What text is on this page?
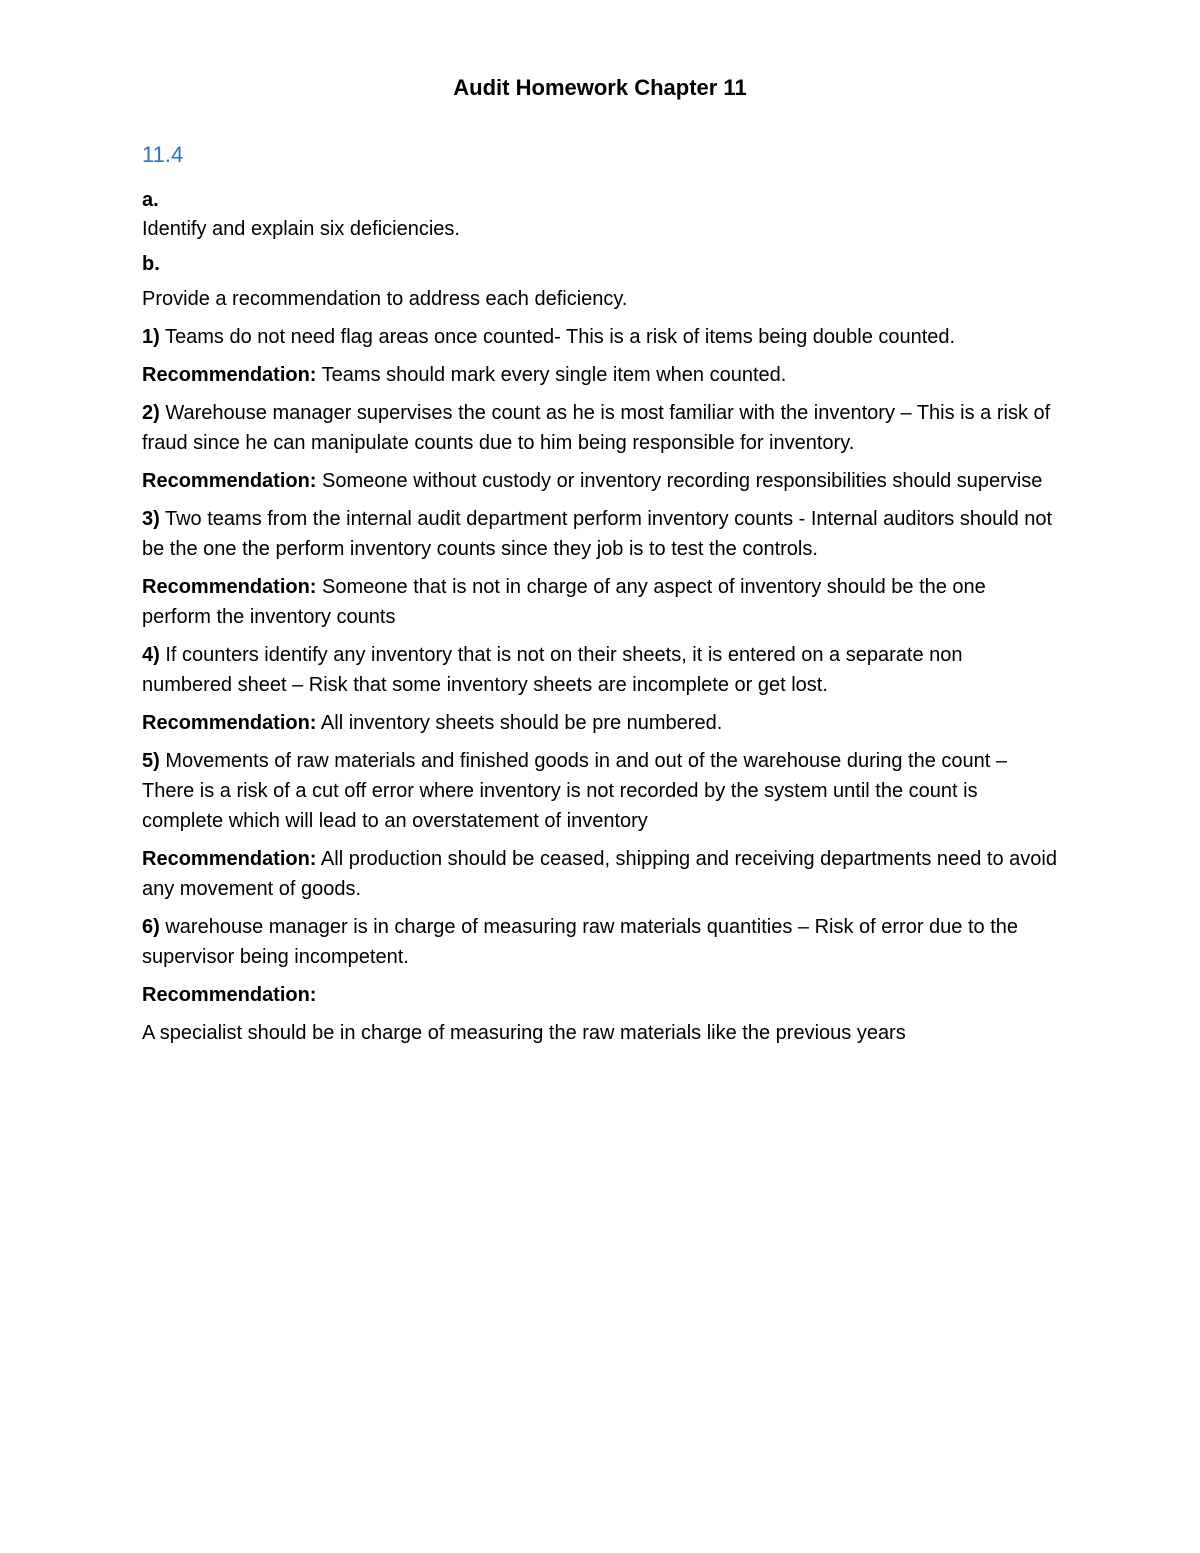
Audit Homework Chapter 11
11.4

a.

Identify and explain six deficiencies.

b.

Provide a recommendation to address each deficiency.

1) Teams do not need flag areas once counted- This is a risk of items being double counted.

Recommendation: Teams should mark every single item when counted.

2) Warehouse manager supervises the count as he is most familiar with the inventory – This is a risk of fraud since he can manipulate counts due to him being responsible for inventory.

Recommendation: Someone without custody or inventory recording responsibilities should supervise

3) Two teams from the internal audit department perform inventory counts - Internal auditors should not be the one the perform inventory counts since they job is to test the controls.

Recommendation: Someone that is not in charge of any aspect of inventory should be the one perform the inventory counts

4) If counters identify any inventory that is not on their sheets, it is entered on a separate non numbered sheet – Risk that some inventory sheets are incomplete or get lost.

Recommendation: All inventory sheets should be pre numbered.

5) Movements of raw materials and finished goods in and out of the warehouse during the count – There is a risk of a cut off error where inventory is not recorded by the system until the count is complete which will lead to an overstatement of inventory

Recommendation: All production should be ceased, shipping and receiving departments need to avoid any movement of goods.

6) warehouse manager is in charge of measuring raw materials quantities – Risk of error due to the supervisor being incompetent.

Recommendation:

A specialist should be in charge of measuring the raw materials like the previous years
